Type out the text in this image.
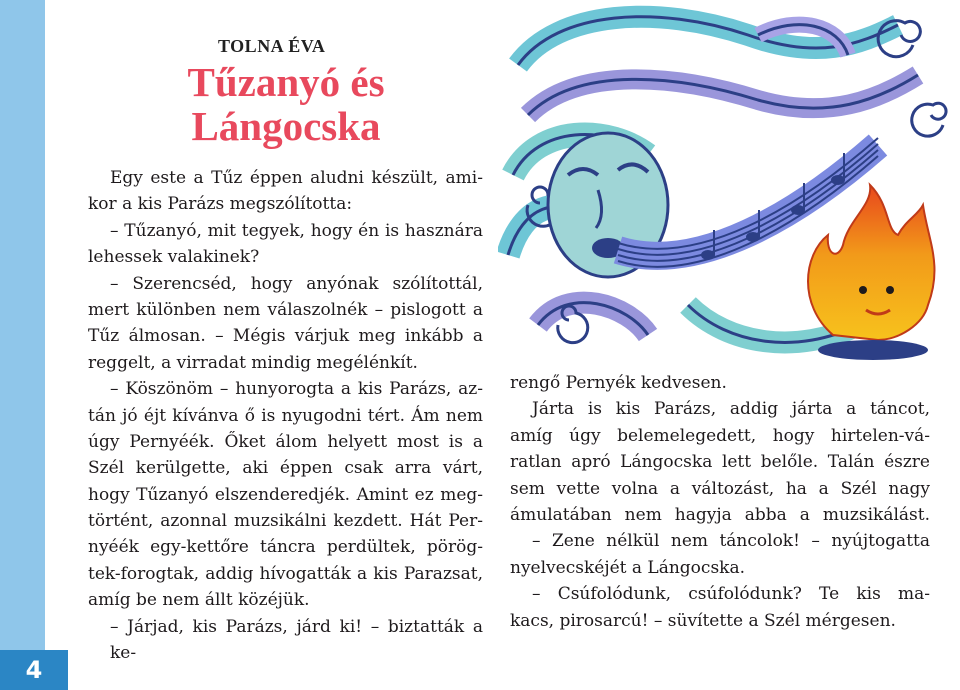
4
TOLNA ÉVA
Tűzanyó és
Lángocska
Egy este a Tűz éppen aludni készült, ami-
kor a kis Parázs megszólította:
– Tűzanyó, mit tegyek, hogy én is hasznára
lehessek valakinek?
– Szerencséd, hogy anyónak szólítottál,
mert különben nem válaszolnék – pislogott a
Tűz álmosan. – Mégis várjuk meg inkább a
reggelt, a virradat mindig megélénkít.
– Köszönöm – hunyorogta a kis Parázs, az-
tán jó éjt kívánva ő is nyugodni tért. Ám nem
úgy Pernyéék. Őket álom helyett most is a
Szél kerülgette, aki éppen csak arra várt,
hogy Tűzanyó elszenderedjék. Amint ez meg-
történt, azonnal muzsikálni kezdett. Hát Per-
nyéék egy-kettőre táncra perdültek, pörög-
tek-forogtak, addig hívogatták a kis Parazsat,
amíg be nem állt közéjük.
– Járjad, kis Parázs, járd ki! – biztatták a ke-
rengő Pernyék kedvesen.
Járta is kis Parázs, addig járta a táncot,
amíg úgy belemelegedett, hogy hirtelen-vá-
ratlan apró Lángocska lett belőle. Talán észre
sem vette volna a változást, ha a Szél nagy
ámulatában nem hagyja abba a muzsikálást.
– Zene nélkül nem táncolok! – nyújtogatta
nyelvecskéjét a Lángocska.
– Csúfolódunk, csúfolódunk? Te kis ma-
kacs, pirosarcú! – süvítette a Szél mérgesen.
